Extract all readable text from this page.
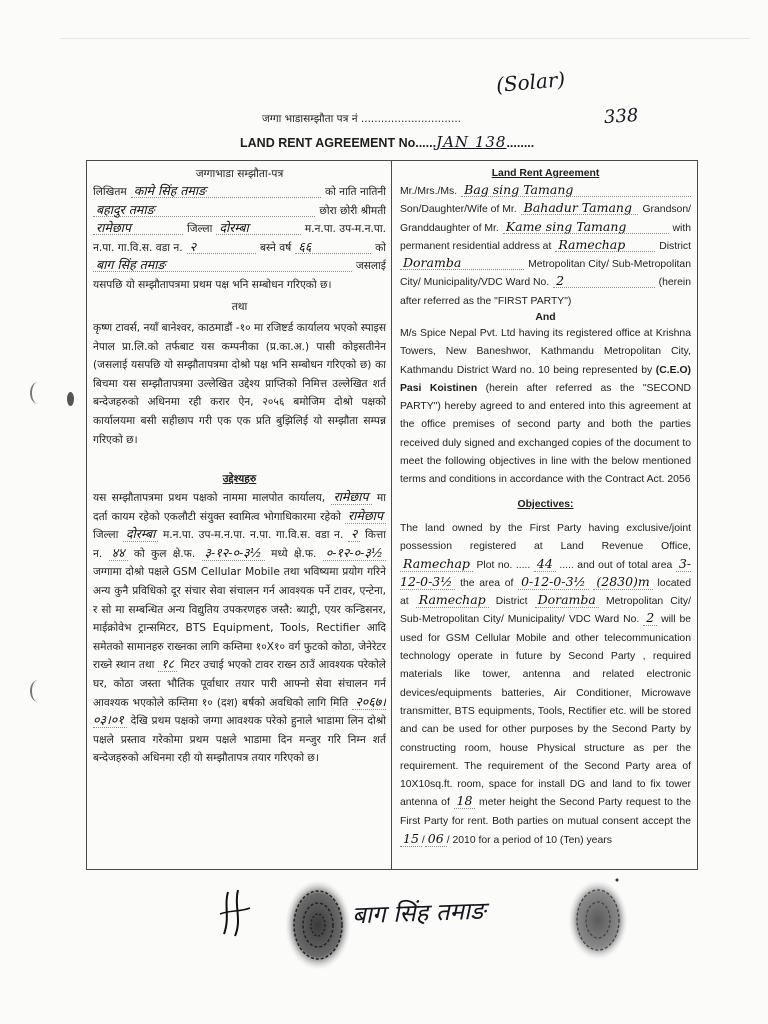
(Solar)
338
जग्गा भाडासम्झौता पत्र नं ..............................
LAND RENT AGREEMENT No......JAN 138........
जग्गाभाडा सम्झौता-पत्र
लिखितम कामे सिंह तमाङ	को नाति नातिनी
बहादुर तमाङ	छोरा छोरी श्रीमती
रामेछाप	जिल्ला दोरम्बा	म.न.पा. उप-म.न.पा.
न.पा. गा.वि.स. वडा न. २	बस्ने वर्ष ६६	को
बाग सिंह तमाङ	जसलाई
यसपछि यो सम्झौतापत्रमा प्रथम पक्ष भनि सम्बोधन गरिएको छ।
तथा
कृष्ण टावर्स, नयाँ बानेश्वर, काठमाडौं -१० मा रजिष्टर्ड कार्यालय भएको स्पाइस नेपाल प्रा.लि.को तर्फबाट यस कम्पनीका (प्र.का.अ.) पासी कोइसतीनेन (जसलाई यसपछि यो सम्झौतापत्रमा दोश्रो पक्ष भनि सम्बोधन गरिएको छ) का बिचमा यस सम्झौतापत्रमा उल्लेखित उद्देश्य प्राप्तिको निमित्त उल्लेखित शर्त बन्देजहरुको अधिनमा रही करार ऐन, २०५६ बमोजिम दोश्रो पक्षको कार्यालयमा बसी सहीछाप गरी एक एक प्रति बुझिलिई यो सम्झौता सम्पन्न गरिएको छ।
उद्देश्यहरु
यस सम्झौतापत्रमा प्रथम पक्षको नाममा मालपोत कार्यालय, रामेछाप मा दर्ता कायम रहेको एकलौटी संयुक्त स्वामित्व भोगाधिकारमा रहेको रामेछाप जिल्ला दोरम्बा म.न.पा. उप-म.न.पा. न.पा. गा.वि.स. वडा न. २ कित्ता न. ४४ को कुल क्षे.फ. ३-१२-०-३½ मध्ये क्षे.फ. ०-१२-०-३½ जग्गामा दोश्रो पक्षले GSM Cellular Mobile तथा भविष्यमा प्रयोग गरिने अन्य कुनै प्रविधिको दूर संचार सेवा संचालन गर्न आवश्यक पर्ने टावर, एन्टेना, र सो मा सम्बन्धित अन्य विद्युतिय उपकरणहरु जस्तै: ब्याट्री, एयर कन्डिसनर, माईक्रोवेभ ट्रान्समिटर, BTS Equipment, Tools, Rectifier आदि समेतको सामानहरु राख्नका लागि कम्तिमा १०X१० वर्ग फुटको कोठा, जेनेरेटर राख्ने स्थान तथा १८ मिटर उचाई भएको टावर राख्न ठाउँ आवश्यक परेकोले घर, कोठा जस्ता भौतिक पूर्वाधार तयार पारी आफ्नो सेवा संचालन गर्न आवश्यक भएकोले कम्तिमा १० (दश) बर्षको अवधिको लागि मिति २०६७।०३।०१ देखि प्रथम पक्षको जग्गा आवश्यक परेको हुनाले भाडामा लिन दोश्रो पक्षले प्रस्ताव गरेकोमा प्रथम पक्षले भाडामा दिन मन्जुर गरि निम्न शर्त बन्देजहरुको अधिनमा रही यो सम्झौतापत्र तयार गरिएको छ।
Land Rent Agreement
Mr./Mrs./Ms. Bag sing Tamang
Son/Daughter/Wife of Mr. Bahadur Tamang	Grandson/
Granddaughter of Mr. Kame sing Tamang	with
permanent residential address at Ramechap	District
Doramba	Metropolitan City/ Sub-Metropolitan
City/ Municipality/VDC Ward No. 2	(herein
after referred as the "FIRST PARTY")
And
M/s Spice Nepal Pvt. Ltd having its registered office at Krishna Towers, New Baneshwor, Kathmandu Metropolitan City, Kathmandu District Ward no. 10 being represented by (C.E.O) Pasi Koistinen (herein after referred as the "SECOND PARTY") hereby agreed to and entered into this agreement at the office premises of second party and both the parties received duly signed and exchanged copies of the document to meet the following objectives in line with the below mentioned terms and conditions in accordance with the Contract Act. 2056
Objectives:
The land owned by the First Party having exclusive/joint possession registered at Land Revenue Office, Ramechap Plot no. ..... 44 ..... and out of total area 3-12-0-3½ the area of 0-12-0-3½ (2830)m located at Ramechap District Doramba Metropolitan City/ Sub-Metropolitan City/ Municipality/ VDC Ward No. 2 will be used for GSM Cellular Mobile and other telecommunication technology operate in future by Second Party , required materials like tower, antenna and related electronic devices/equipments batteries, Air Conditioner, Microwave transmitter, BTS equipments, Tools, Rectifier etc. will be stored and can be used for other purposes by the Second Party by constructing room, house Physical structure as per the requirement. The requirement of the Second Party area of 10X10sq.ft. room, space for install DG and land to fix tower antenna of 18 meter height the Second Party request to the First Party for rent. Both parties on mutual consent accept the
15 / 06 / 2010 for a period of 10 (Ten) years
बाग सिंह तमाङ
